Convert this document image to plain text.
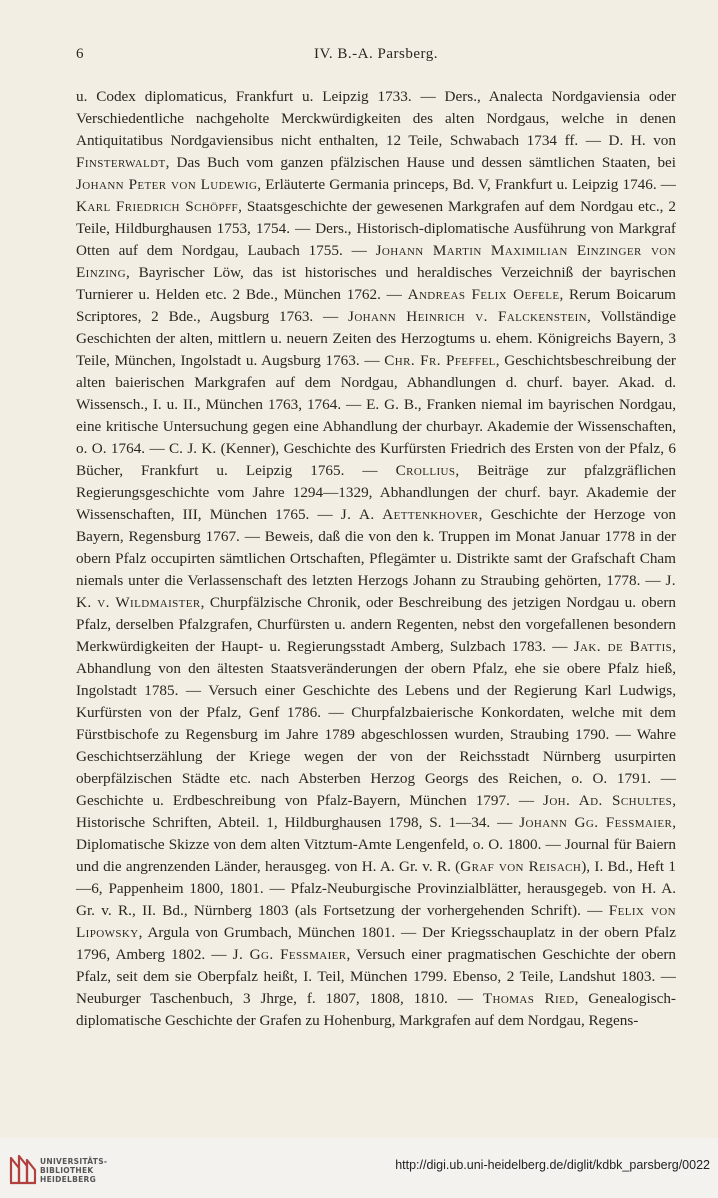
6	IV. B.-A. Parsberg.

u. Codex diplomaticus, Frankfurt u. Leipzig 1733. — Ders., Analecta Nordgaviensia oder Verschiedentliche nachgeholte Merckwürdigkeiten des alten Nordgaus, welche in denen Antiquitatibus Nordgaviensibus nicht enthalten, 12 Teile, Schwabach 1734 ff. — D. H. von Finsterwaldt, Das Buch vom ganzen pfälzischen Hause und dessen sämtlichen Staaten, bei Johann Peter von Ludewig, Erläuterte Germania princeps, Bd. V, Frankfurt u. Leipzig 1746. — Karl Friedrich Schöpff, Staatsgeschichte der gewesenen Markgrafen auf dem Nordgau etc., 2 Teile, Hildburghausen 1753, 1754. — Ders., Historisch-diplomatische Ausführung von Markgraf Otten auf dem Nordgau, Laubach 1755. — Johann Martin Maximilian Einzinger von Einzing, Bayrischer Löw, das ist historisches und heraldisches Verzeichniß der bayrischen Turnierer u. Helden etc. 2 Bde., München 1762. — Andreas Felix Oefele, Rerum Boicarum Scriptores, 2 Bde., Augsburg 1763. — Johann Heinrich v. Falckenstein, Vollständige Geschichten der alten, mittlern u. neuern Zeiten des Herzogtums u. ehem. Königreichs Bayern, 3 Teile, München, Ingolstadt u. Augsburg 1763. — Chr. Fr. Pfeffel, Geschichtsbeschreibung der alten baierischen Markgrafen auf dem Nordgau, Abhandlungen d. churf. bayer. Akad. d. Wissensch., I. u. II., München 1763, 1764. — E. G. B., Franken niemal im bayrischen Nordgau, eine kritische Untersuchung gegen eine Abhandlung der churbayr. Akademie der Wissenschaften, o. O. 1764. — C. J. K. (Kenner), Geschichte des Kurfürsten Friedrich des Ersten von der Pfalz, 6 Bücher, Frankfurt u. Leipzig 1765. — Crollius, Beiträge zur pfalzgräflichen Regierungsgeschichte vom Jahre 1294—1329, Abhandlungen der churf. bayr. Akademie der Wissenschaften, III, München 1765. — J. A. Aettenkhover, Geschichte der Herzoge von Bayern, Regensburg 1767. — Beweis, daß die von den k. Truppen im Monat Januar 1778 in der obern Pfalz occupirten sämtlichen Ortschaften, Pflegämter u. Distrikte samt der Grafschaft Cham niemals unter die Verlassenschaft des letzten Herzogs Johann zu Straubing gehörten, 1778. — J. K. v. Wildmaister, Churpfälzische Chronik, oder Beschreibung des jetzigen Nordgau u. obern Pfalz, derselben Pfalzgrafen, Churfürsten u. andern Regenten, nebst den vorgefallenen besondern Merkwürdigkeiten der Haupt- u. Regierungsstadt Amberg, Sulzbach 1783. — Jak. de Battis, Abhandlung von den ältesten Staatsveränderungen der obern Pfalz, ehe sie obere Pfalz hieß, Ingolstadt 1785. — Versuch einer Geschichte des Lebens und der Regierung Karl Ludwigs, Kurfürsten von der Pfalz, Genf 1786. — Churpfalzbaierische Konkordaten, welche mit dem Fürstbischofe zu Regensburg im Jahre 1789 abgeschlossen wurden, Straubing 1790. — Wahre Geschichtserzählung der Kriege wegen der von der Reichsstadt Nürnberg usurpirten oberpfälzischen Städte etc. nach Absterben Herzog Georgs des Reichen, o. O. 1791. — Geschichte u. Erdbeschreibung von Pfalz-Bayern, München 1797. — Joh. Ad. Schultes, Historische Schriften, Abteil. 1, Hildburghausen 1798, S. 1—34. — Johann Gg. Fessmaier, Diplomatische Skizze von dem alten Vitztum-Amte Lengenfeld, o. O. 1800. — Journal für Baiern und die angrenzenden Länder, herausgeg. von H. A. Gr. v. R. (Graf von Reisach), I. Bd., Heft 1—6, Pappenheim 1800, 1801. — Pfalz-Neuburgische Provinzialblätter, herausgegeb. von H. A. Gr. v. R., II. Bd., Nürnberg 1803 (als Fortsetzung der vorhergehenden Schrift). — Felix von Lipowsky, Argula von Grumbach, München 1801. — Der Kriegsschauplatz in der obern Pfalz 1796, Amberg 1802. — J. Gg. Fessmaier, Versuch einer pragmatischen Geschichte der obern Pfalz, seit dem sie Oberpfalz heißt, I. Teil, München 1799. Ebenso, 2 Teile, Landshut 1803. — Neuburger Taschenbuch, 3 Jhrge, f. 1807, 1808, 1810. — Thomas Ried, Genealogisch-diplomatische Geschichte der Grafen zu Hohenburg, Markgrafen auf dem Nordgau, Regens-

UNIVERSITÄTS-
BIBLIOTHEK
HEIDELBERG
http://digi.ub.uni-heidelberg.de/diglit/kdbk_parsberg/0022
